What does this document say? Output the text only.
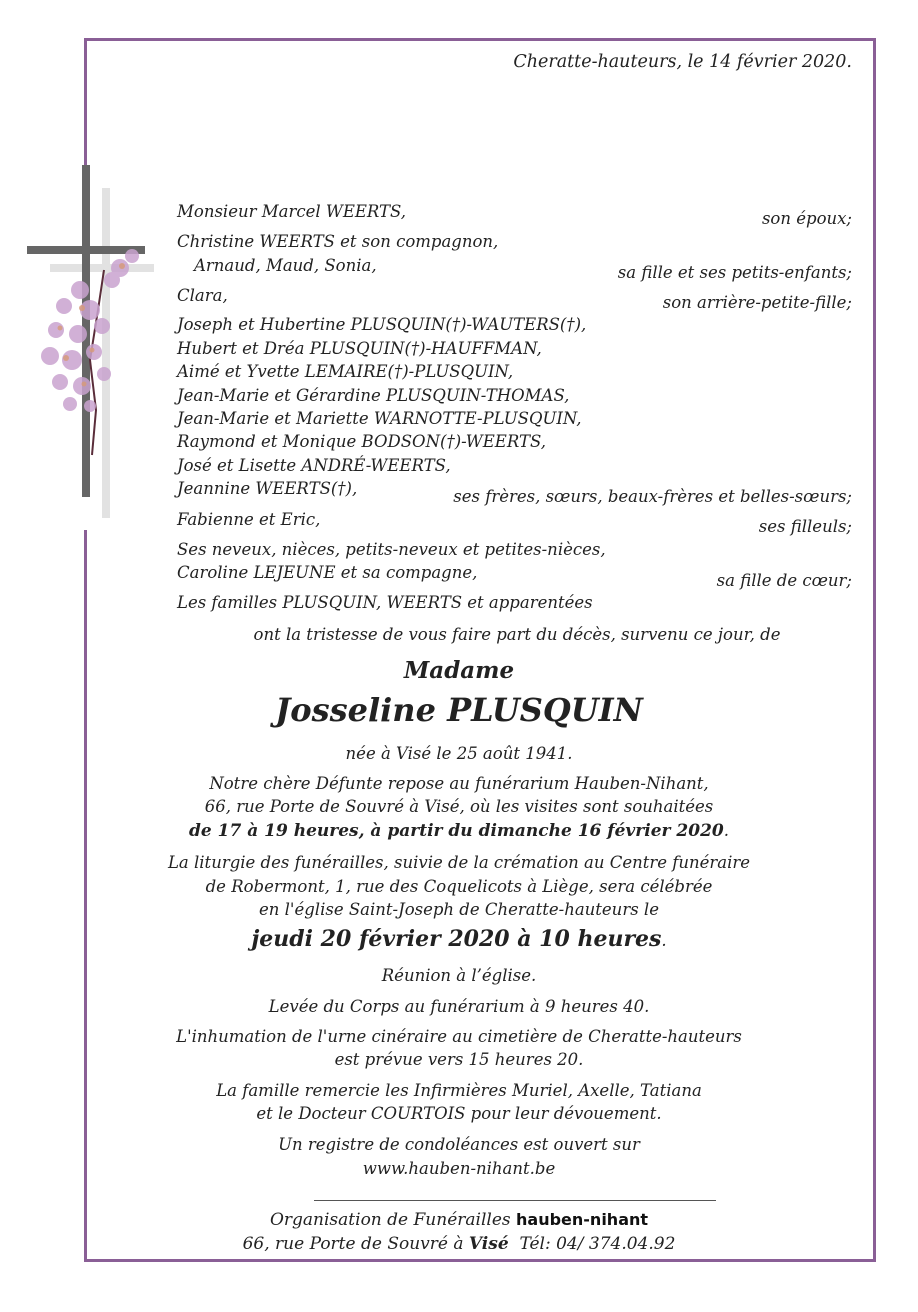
Cheratte-hauteurs, le 14 février 2020.
Monsieur Marcel WEERTS,
Christine WEERTS et son compagnon,
Arnaud, Maud, Sonia,
Clara,
Joseph et Hubertine PLUSQUIN(†)-WAUTERS(†),
Hubert et Dréa PLUSQUIN(†)-HAUFFMAN,
Aimé et Yvette LEMAIRE(†)-PLUSQUIN,
Jean-Marie et Gérardine PLUSQUIN-THOMAS,
Jean-Marie et Mariette WARNOTTE-PLUSQUIN,
Raymond et Monique BODSON(†)-WEERTS,
José et Lisette ANDRÉ-WEERTS,
Jeannine WEERTS(†),
Fabienne et Eric,
Ses neveux, nièces, petits-neveux et petites-nièces,
Caroline LEJEUNE et sa compagne,
Les familles PLUSQUIN, WEERTS et apparentées
son époux;
sa fille et ses petits-enfants;
son arrière-petite-fille;
ses frères, sœurs, beaux-frères et belles-sœurs;
ses filleuls;
sa fille de cœur;
ont la tristesse de vous faire part du décès, survenu ce jour, de
Madame
Josseline PLUSQUIN
née à Visé le 25 août 1941.
Notre chère Défunte repose au funérarium Hauben-Nihant,
66, rue Porte de Souvré à Visé, où les visites sont souhaitées
de 17 à 19 heures, à partir du dimanche 16 février 2020.
La liturgie des funérailles, suivie de la crémation au Centre funéraire
de Robermont, 1, rue des Coquelicots à Liège, sera célébrée
en l'église Saint-Joseph de Cheratte-hauteurs le
jeudi 20 février 2020 à 10 heures.
Réunion à l’église.
Levée du Corps au funérarium à 9 heures 40.
L'inhumation de l'urne cinéraire au cimetière de Cheratte-hauteurs
est prévue vers 15 heures 20.
La famille remercie les Infirmières Muriel, Axelle, Tatiana
et le Docteur COURTOIS pour leur dévouement.
Un registre de condoléances est ouvert sur
www.hauben-nihant.be
Organisation de Funérailles hauben-nihant
66, rue Porte de Souvré à Visé Tél: 04/ 374.04.92
